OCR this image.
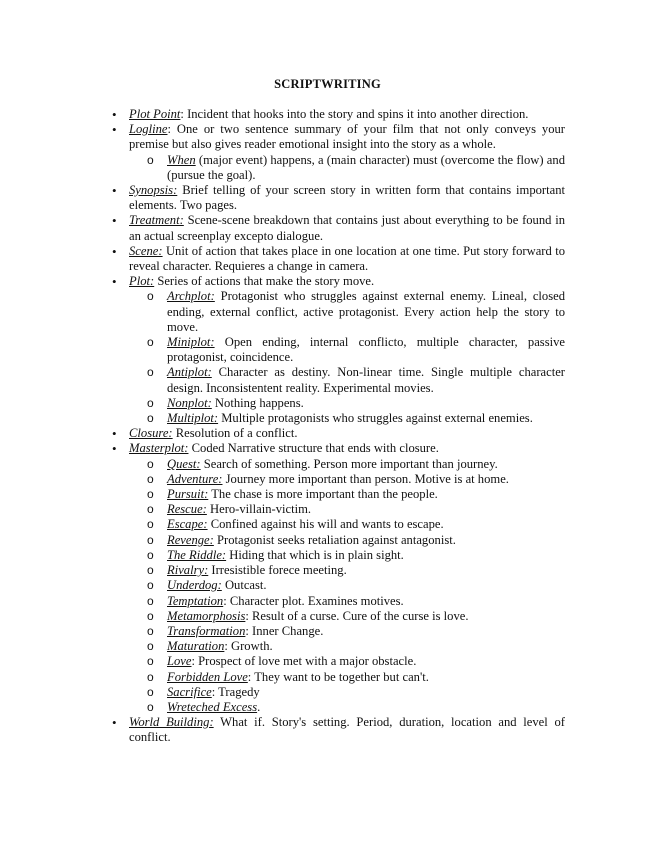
SCRIPTWRITING
• Plot Point: Incident that hooks into the story and spins it into another direction.
• Logline: One or two sentence summary of your film that not only conveys your premise but also gives reader emotional insight into the story as a whole.
o When (major event) happens, a (main character) must (overcome the flow) and (pursue the goal).
• Synopsis: Brief telling of your screen story in written form that contains important elements. Two pages.
• Treatment: Scene-scene breakdown that contains just about everything to be found in an actual screenplay excepto dialogue.
• Scene: Unit of action that takes place in one location at one time. Put story forward to reveal character. Requieres a change in camera.
• Plot: Series of actions that make the story move.
o Archplot: Protagonist who struggles against external enemy. Lineal, closed ending, external conflict, active protagonist. Every action help the story to move.
o Miniplot: Open ending, internal conflicto, multiple character, passive protagonist, coincidence.
o Antiplot: Character as destiny. Non-linear time. Single multiple character design. Inconsistentent reality. Experimental movies.
o Nonplot: Nothing happens.
o Multiplot: Multiple protagonists who struggles against external enemies.
• Closure: Resolution of a conflict.
• Masterplot: Coded Narrative structure that ends with closure.
o Quest: Search of something. Person more important than journey.
o Adventure: Journey more important than person. Motive is at home.
o Pursuit: The chase is more important than the people.
o Rescue: Hero-villain-victim.
o Escape: Confined against his will and wants to escape.
o Revenge: Protagonist seeks retaliation against antagonist.
o The Riddle: Hiding that which is in plain sight.
o Rivalry: Irresistible forece meeting.
o Underdog: Outcast.
o Temptation: Character plot. Examines motives.
o Metamorphosis: Result of a curse. Cure of the curse is love.
o Transformation: Inner Change.
o Maturation: Growth.
o Love: Prospect of love met with a major obstacle.
o Forbidden Love: They want to be together but can't.
o Sacrifice: Tragedy
o Wreteched Excess.
• World Building: What if. Story's setting. Period, duration, location and level of conflict.
